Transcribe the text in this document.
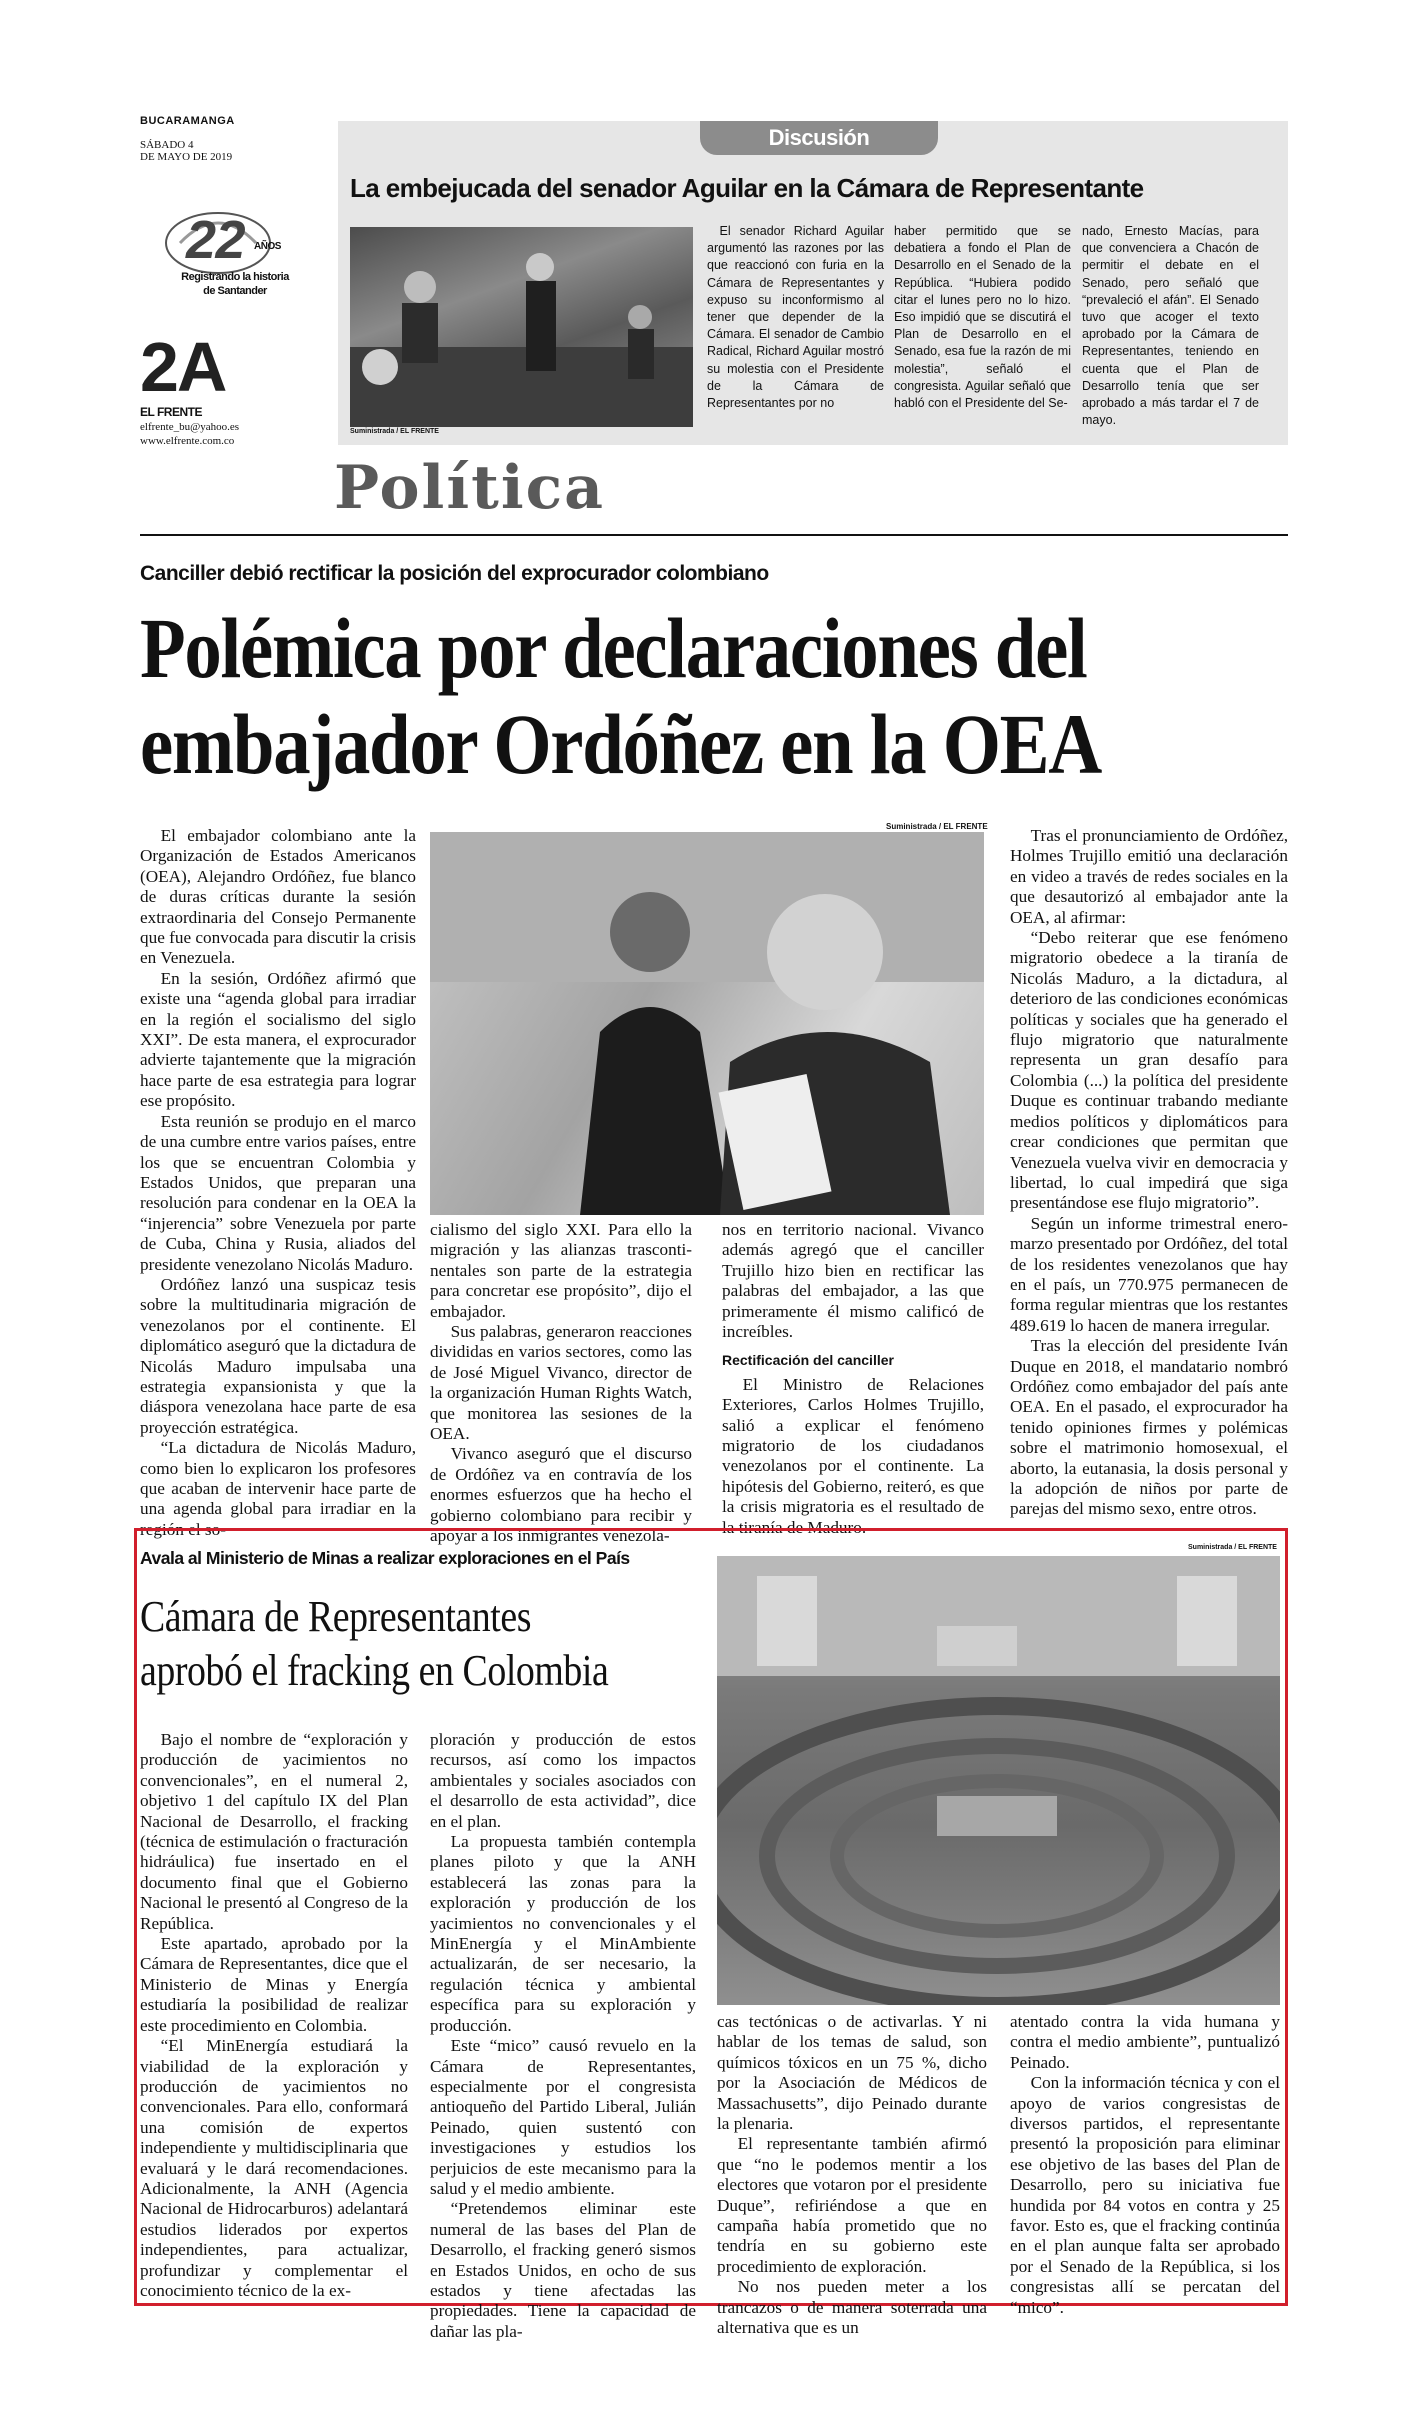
BUCARAMANGA
SÁBADO 4
DE MAYO DE 2019
22 AÑOS
Registrando la historia
de Santander
2A
EL FRENTE
elfrente_bu@yahoo.es
www.elfrente.com.co
Discusión
La embejucada del senador Aguilar en la Cámara de Representante
Suministrada / EL FRENTE

El senador Richard Aguilar argumentó las razones por las que reaccionó con furia en la Cámara de Representantes y expuso su inconformismo al tener que depender de la Cámara. El senador de Cambio Radical, Richard Aguilar mostró su molestia con el Presidente de la Cámara de Representantes por no

haber permitido que se debatiera a fondo el Plan de Desarrollo en el Senado de la República. “Hubiera podido citar el lunes pero no lo hizo. Eso impidió que se discutirá el Plan de Desarrollo en el Senado, esa fue la razón de mi molestia”, señaló el congresista. Aguilar señaló que habló con el Presidente del Se-

nado, Ernesto Macías, para que convenciera a Chacón de permitir el debate en el Senado, pero señaló que “prevaleció el afán”. El Senado tuvo que acoger el texto aprobado por la Cámara de Representantes, teniendo en cuenta que el Plan de Desarrollo tenía que ser aprobado a más tardar el 7 de mayo.

Política
Canciller debió rectificar la posición del exprocurador colombiano
Polémica por declaraciones del
embajador Ordóñez en la OEA

El embajador colombiano ante la Organización de Estados Americanos (OEA), Alejandro Ordóñez, fue blanco de duras críticas durante la sesión extraordinaria del Consejo Permanente que fue convocada para discutir la crisis en Venezuela.

En la sesión, Ordóñez afirmó que existe una “agenda global para irradiar en la región el socialismo del siglo XXI”. De esta manera, el exprocurador advierte tajantemente que la migración hace parte de esa estrategia para lograr ese propósito.

Esta reunión se produjo en el marco de una cumbre entre varios países, entre los que se encuentran Colombia y Estados Unidos, que preparan una resolución para condenar en la OEA la “injerencia” sobre Venezuela por parte de Cuba, China y Rusia, aliados del presidente venezolano Nicolás Maduro.

Ordóñez lanzó una suspicaz tesis sobre la multitudinaria migración de venezolanos por el continente. El diplomático aseguró que la dictadura de Nicolás Maduro impulsaba una estrategia expansionista y que la diáspora venezolana hace parte de esa proyección estratégica.

“La dictadura de Nicolás Maduro, como bien lo explicaron los profesores que acaban de intervenir hace parte de una agenda global para irradiar en la región el so-

Suministrada / EL FRENTE

cialismo del siglo XXI. Para ello la migración y las alianzas trasconti-nentales son parte de la estrategia para concretar ese propósito”, dijo el embajador.

Sus palabras, generaron reacciones divididas en varios sectores, como las de José Miguel Vivanco, director de la organización Human Rights Watch, que monitorea las sesiones de la OEA.

Vivanco aseguró que el discurso de Ordóñez va en contravía de los enormes esfuerzos que ha hecho el gobierno colombiano para recibir y apoyar a los inmigrantes venezola-

nos en territorio nacional. Vivanco además agregó que el canciller Trujillo hizo bien en rectificar las palabras del embajador, a las que primeramente él mismo calificó de increíbles.

Rectificación del canciller

El Ministro de Relaciones Exteriores, Carlos Holmes Trujillo, salió a explicar el fenómeno migratorio de los ciudadanos venezolanos por el continente. La hipótesis del Gobierno, reiteró, es que la crisis migratoria es el resultado de la tiranía de Maduro.

Tras el pronunciamiento de Ordóñez, Holmes Trujillo emitió una declaración en video a través de redes sociales en la que desautorizó al embajador ante la OEA, al afirmar:

“Debo reiterar que ese fenómeno migratorio obedece a la tiranía de Nicolás Maduro, a la dictadura, al deterioro de las condiciones económicas políticas y sociales que ha generado el flujo migratorio que naturalmente representa un gran desafío para Colombia (...) la política del presidente Duque es continuar trabando mediante medios políticos y diplomáticos para crear condiciones que permitan que Venezuela vuelva vivir en democracia y libertad, lo cual impedirá que siga presentándose ese flujo migratorio”.

Según un informe trimestral enero-marzo presentado por Ordóñez, del total de los residentes venezolanos que hay en el país, un 770.975 permanecen de forma regular mientras que los restantes 489.619 lo hacen de manera irregular.

Tras la elección del presidente Iván Duque en 2018, el mandatario nombró Ordóñez como embajador del país ante OEA. En el pasado, el exprocurador ha tenido opiniones firmes y polémicas sobre el matrimonio homosexual, el aborto, la eutanasia, la dosis personal y la adopción de niños por parte de parejas del mismo sexo, entre otros.

Avala al Ministerio de Minas a realizar exploraciones en el País
Cámara de Representantes
aprobó el fracking en Colombia
Suministrada / EL FRENTE

Bajo el nombre de “exploración y producción de yacimientos no convencionales”, en el numeral 2, objetivo 1 del capítulo IX del Plan Nacional de Desarrollo, el fracking (técnica de estimulación o fracturación hidráulica) fue insertado en el documento final que el Gobierno Nacional le presentó al Congreso de la República.

Este apartado, aprobado por la Cámara de Representantes, dice que el Ministerio de Minas y Energía estudiaría la posibilidad de realizar este procedimiento en Colombia.

“El MinEnergía estudiará la viabilidad de la exploración y producción de yacimientos no convencionales. Para ello, conformará una comisión de expertos independiente y multidisciplinaria que evaluará y le dará recomendaciones. Adicionalmente, la ANH (Agencia Nacional de Hidrocarburos) adelantará estudios liderados por expertos independientes, para actualizar, profundizar y complementar el conocimiento técnico de la ex-

ploración y producción de estos recursos, así como los impactos ambientales y sociales asociados con el desarrollo de esta actividad”, dice en el plan.

La propuesta también contempla planes piloto y que la ANH establecerá las zonas para la exploración y producción de los yacimientos no convencionales y el MinEnergía y el MinAmbiente actualizarán, de ser necesario, la regulación técnica y ambiental específica para su exploración y producción.

Este “mico” causó revuelo en la Cámara de Representantes, especialmente por el congresista antioqueño del Partido Liberal, Julián Peinado, quien sustentó con investigaciones y estudios los perjuicios de este mecanismo para la salud y el medio ambiente.

“Pretendemos eliminar este numeral de las bases del Plan de Desarrollo, el fracking generó sismos en Estados Unidos, en ocho de sus estados y tiene afectadas las propiedades. Tiene la capacidad de dañar las pla-

cas tectónicas o de activarlas. Y ni hablar de los temas de salud, son químicos tóxicos en un 75 %, dicho por la Asociación de Médicos de Massachusetts”, dijo Peinado durante la plenaria.

El representante también afirmó que “no le podemos mentir a los electores que votaron por el presidente Duque”, refiriéndose a que en campaña había prometido que no tendría en su gobierno este procedimiento de exploración.

No nos pueden meter a los trancazos o de manera soterrada una alternativa que es un

atentado contra la vida humana y contra el medio ambiente”, puntualizó Peinado.

Con la información técnica y con el apoyo de varios congresistas de diversos partidos, el representante presentó la proposición para eliminar ese objetivo de las bases del Plan de Desarrollo, pero su iniciativa fue hundida por 84 votos en contra y 25 favor. Esto es, que el fracking continúa en el plan aunque falta ser aprobado por el Senado de la República, si los congresistas allí se percatan del “mico”.
